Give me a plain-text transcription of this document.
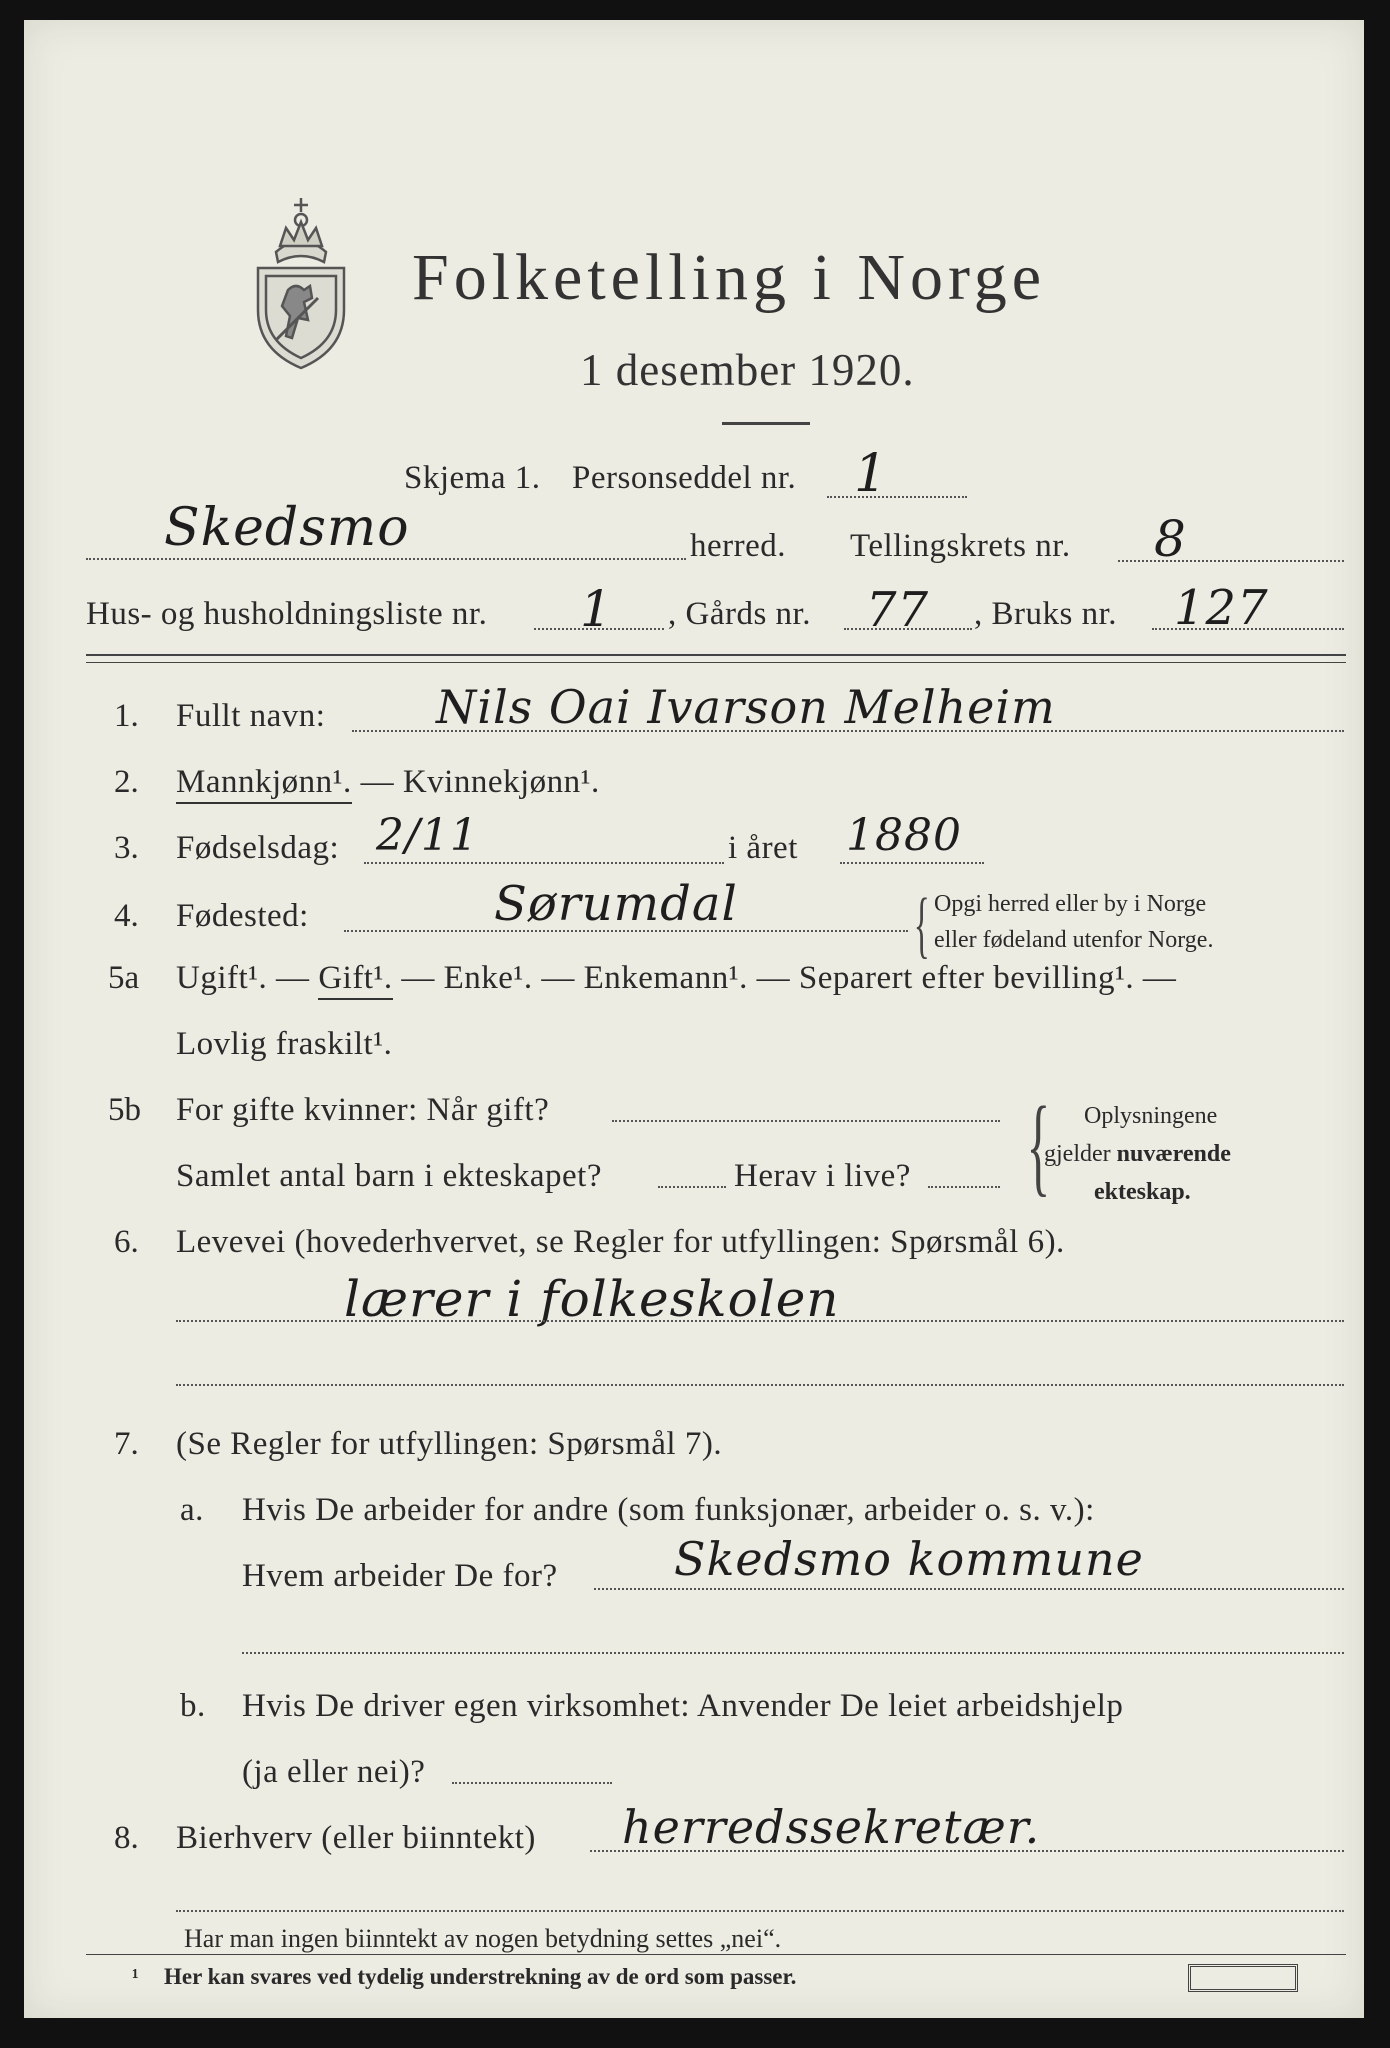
Folketelling i Norge
1 desember 1920.
Skjema 1. Personseddel nr. 1
Skedsmo	herred. Tellingskrets nr. 8
Hus- og husholdningsliste nr. 1 , Gårds nr. 77 , Bruks nr. 127
1. Fullt navn: Nils Oai Ivarson Melheim
2. Mannkjønn¹. — Kvinnekjønn¹.
3. Fødselsdag: 2/11	i året 1880
4. Fødested:	Sørumdal { Opgi herred eller by i Norge
eller fødeland utenfor Norge.
5a Ugift¹. — Gift¹. — Enke¹. — Enkemann¹. — Separert efter bevilling¹. —
Lovlig fraskilt¹.
5b For gifte kvinner: Når gift?
Samlet antal barn i ekteskapet?	Herav i live? { Oplysningene
gjelder nuværende
ekteskap.
6. Levevei (hovederhvervet, se Regler for utfyllingen: Spørsmål 6).
lærer i folkeskolen
7. (Se Regler for utfyllingen: Spørsmål 7).
a. Hvis De arbeider for andre (som funksjonær, arbeider o. s. v.):
Hvem arbeider De for?	Skedsmo kommune
b. Hvis De driver egen virksomhet: Anvender De leiet arbeidshjelp
(ja eller nei)?
8. Bierhverv (eller biinntekt) herredssekretær.
Har man ingen biinntekt av nogen betydning settes „nei“.
¹ Her kan svares ved tydelig understrekning av de ord som passer.
